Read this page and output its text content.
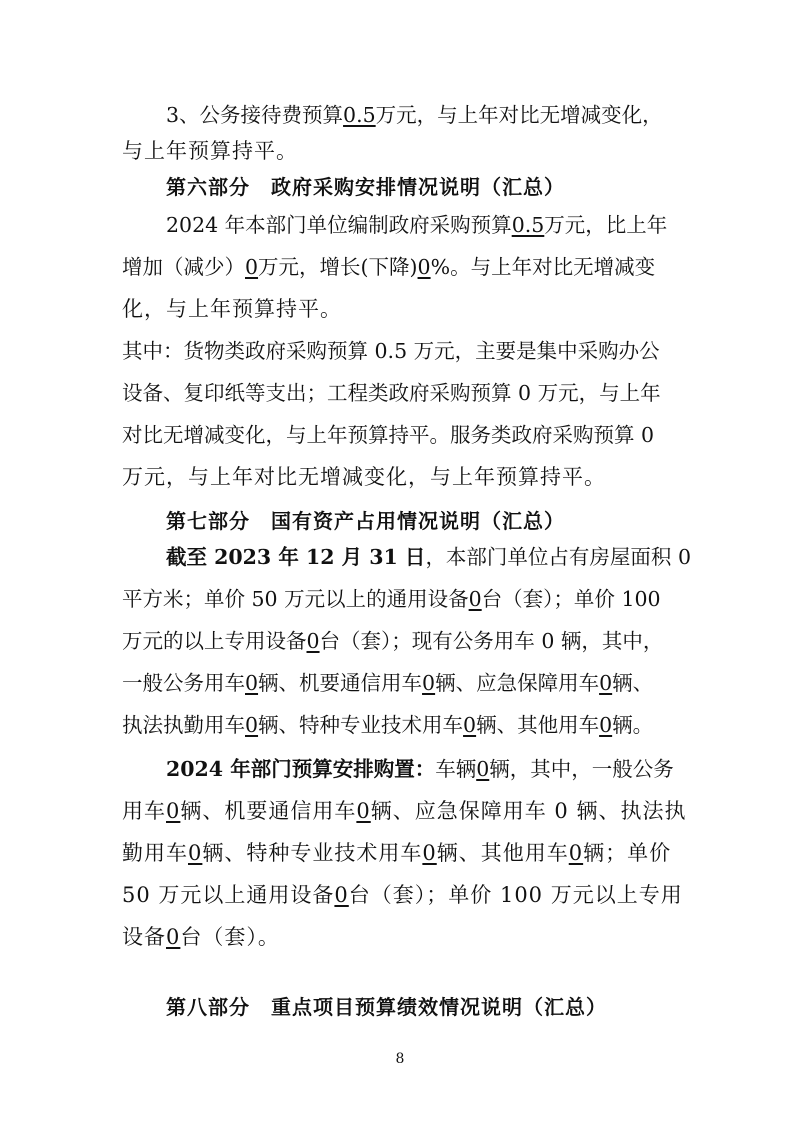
3、公务接待费预算0.5万元，与上年对比无增减变化，
与上年预算持平。
第六部分　政府采购安排情况说明（汇总）
2024 年本部门单位编制政府采购预算0.5万元，比上年
增加（减少）0万元，增长(下降)0%。与上年对比无增减变
化，与上年预算持平。
其中：货物类政府采购预算 0.5 万元，主要是集中采购办公
设备、复印纸等支出；工程类政府采购预算 0 万元，与上年
对比无增减变化，与上年预算持平。服务类政府采购预算 0
万元，与上年对比无增减变化，与上年预算持平。
第七部分　国有资产占用情况说明（汇总）
截至 2023 年 12 月 31 日，本部门单位占有房屋面积 0
平方米；单价 50 万元以上的通用设备0台（套）；单价 100
万元的以上专用设备0台（套）；现有公务用车 0 辆，其中，
一般公务用车0辆、机要通信用车0辆、应急保障用车0辆、
执法执勤用车0辆、特种专业技术用车0辆、其他用车0辆。
2024 年部门预算安排购置：车辆0辆，其中，一般公务
用车0辆、机要通信用车0辆、应急保障用车 0 辆、执法执
勤用车0辆、特种专业技术用车0辆、其他用车0辆；单价
50 万元以上通用设备0台（套）；单价 100 万元以上专用
设备0台（套）。
第八部分　重点项目预算绩效情况说明（汇总）
8
